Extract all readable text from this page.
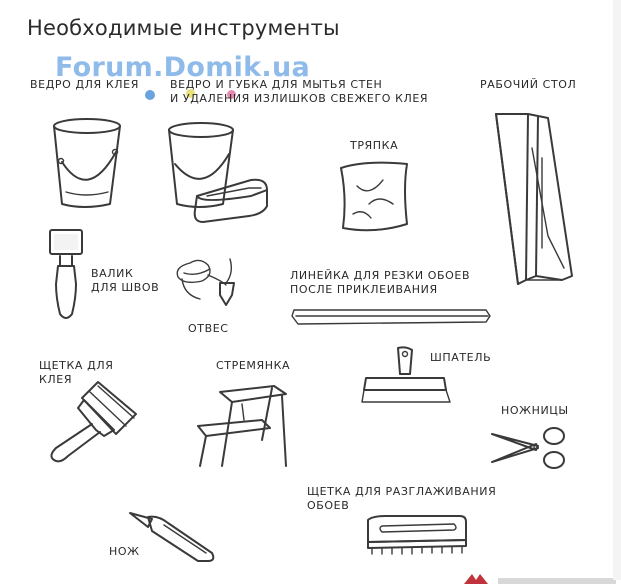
Необходимые инструменты
Forum.Domik.ua
ВЕДРО ДЛЯ КЛЕЯ	ВЕДРО И ГУБКА ДЛЯ МЫТЬЯ СТЕН
И УДАЛЕНИЯ ИЗЛИШКОВ СВЕЖЕГО КЛЕЯ
РАБОЧИЙ СТОЛ
ТРЯПКА
ВАЛИК
ДЛЯ ШВОВ
ОТВЕС
ЛИНЕЙКА ДЛЯ РЕЗКИ ОБОЕВ
ПОСЛЕ ПРИКЛЕИВАНИЯ
ШПАТЕЛЬ
ЩЕТКА ДЛЯ
КЛЕЯ
СТРЕМЯНКА
НОЖНИЦЫ
ЩЕТКА ДЛЯ РАЗГЛАЖИВАНИЯ
ОБОЕВ
НОЖ
